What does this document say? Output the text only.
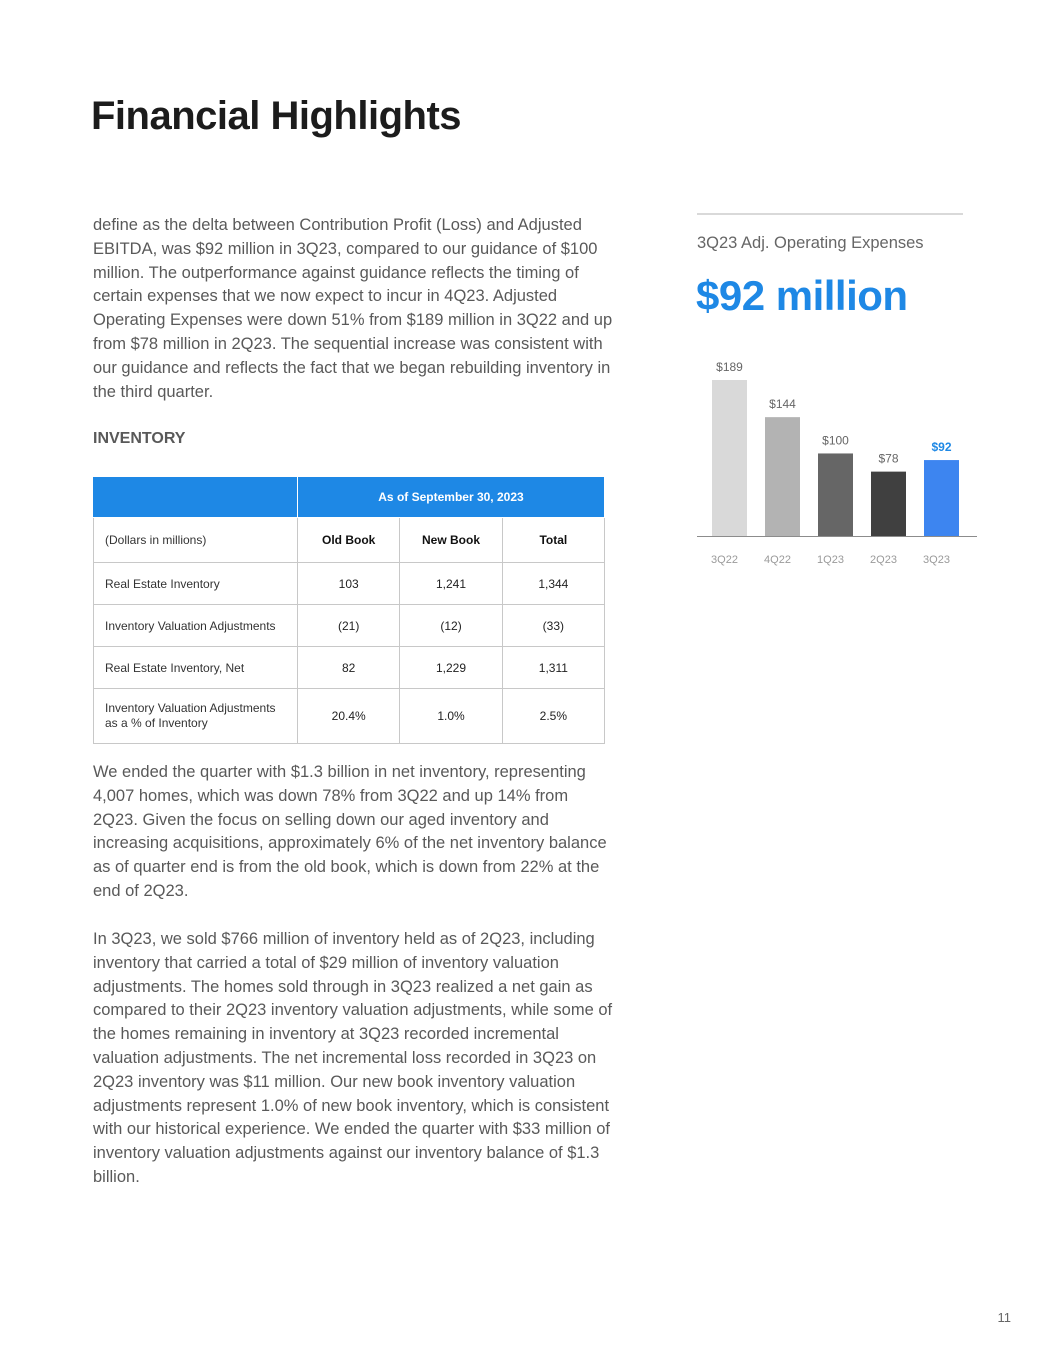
Financial Highlights

define as the delta between Contribution Profit (Loss) and Adjusted EBITDA, was $92 million in 3Q23, compared to our guidance of $100 million. The outperformance against guidance reflects the timing of certain expenses that we now expect to incur in 4Q23. Adjusted Operating Expenses were down 51% from $189 million in 3Q22 and up from $78 million in 2Q23. The sequential increase was consistent with our guidance and reflects the fact that we began rebuilding inventory in the third quarter.

INVENTORY
	As of September 30, 2023		
(Dollars in millions)	Old Book	New Book	Total
Real Estate Inventory	103	1,241	1,344
Inventory Valuation Adjustments	(21)	(12)	(33)
Real Estate Inventory, Net	82	1,229	1,311
Inventory Valuation Adjustments
as a % of Inventory	20.4%	1.0%	2.5%

We ended the quarter with $1.3 billion in net inventory, representing 4,007 homes, which was down 78% from 3Q22 and up 14% from 2Q23. Given the focus on selling down our aged inventory and increasing acquisitions, approximately 6% of the net inventory balance as of quarter end is from the old book, which is down from 22% at the end of 2Q23.

In 3Q23, we sold $766 million of inventory held as of 2Q23, including inventory that carried a total of $29 million of inventory valuation adjustments. The homes sold through in 3Q23 realized a net gain as compared to their 2Q23 inventory valuation adjustments, while some of the homes remaining in inventory at 3Q23 recorded incremental valuation adjustments. The net incremental loss recorded in 3Q23 on 2Q23 inventory was $11 million. Our new book inventory valuation adjustments represent 1.0% of new book inventory, which is consistent with our historical experience. We ended the quarter with $33 million of inventory valuation adjustments against our inventory balance of $1.3 billion.

3Q23 Adj. Operating Expenses

$92 million

$189
3Q22
$144
4Q22
$100
1Q23
$78
2Q23
$92
3Q23
11
